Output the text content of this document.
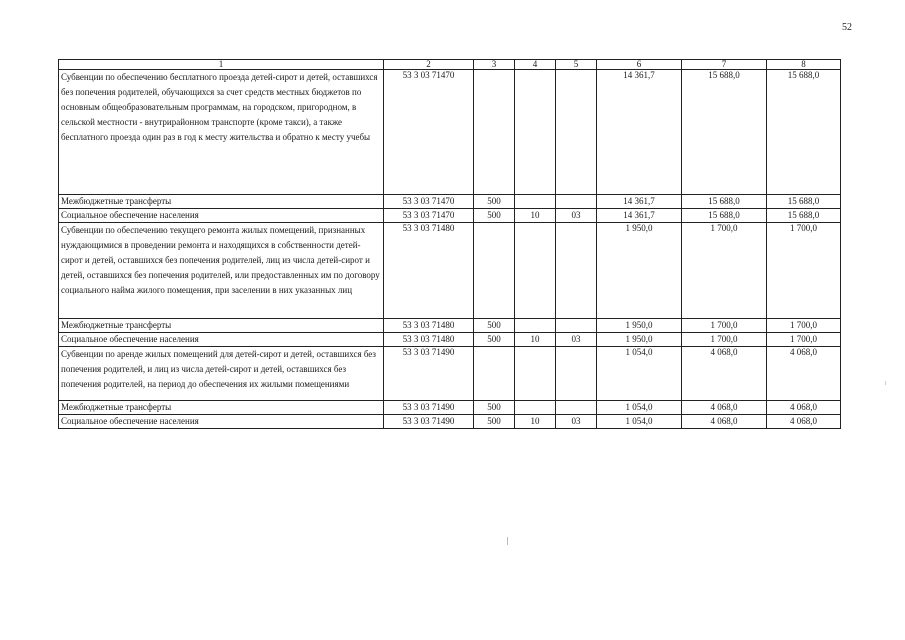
52
1	2	3	4	5	6	7	8
Субвенции по обеспечению бесплатного проезда детей-сирот и детей, оставшихся без попечения родителей, обучающихся за счет средств местных бюджетов по основным общеобразовательным программам, на городском, пригородном, в сельской местности - внутрирайонном транспорте (кроме такси), а также бесплатного проезда один раз в год к месту жительства и обратно к месту учебы	53 3 03 71470				14 361,7	15 688,0	15 688,0
Межбюджетные трансферты	53 3 03 71470	500			14 361,7	15 688,0	15 688,0
Социальное обеспечение населения	53 3 03 71470	500	10	03	14 361,7	15 688,0	15 688,0
Субвенции по обеспечению текущего ремонта жилых помещений, признанных нуждающимися в проведении ремонта и находящихся в собственности детей-сирот и детей, оставшихся без попечения родителей, лиц из числа детей-сирот и детей, оставшихся без попечения родителей, или предоставленных им по договору социального найма жилого помещения, при заселении в них указанных лиц	53 3 03 71480				1 950,0	1 700,0	1 700,0
Межбюджетные трансферты	53 3 03 71480	500			1 950,0	1 700,0	1 700,0
Социальное обеспечение населения	53 3 03 71480	500	10	03	1 950,0	1 700,0	1 700,0
Субвенции по аренде жилых помещений для детей-сирот и детей, оставшихся без попечения родителей, и лиц из числа детей-сирот и детей, оставшихся без попечения родителей, на период до обеспечения их жилыми помещениями	53 3 03 71490				1 054,0	4 068,0	4 068,0
Межбюджетные трансферты	53 3 03 71490	500			1 054,0	4 068,0	4 068,0
Социальное обеспечение населения	53 3 03 71490	500	10	03	1 054,0	4 068,0	4 068,0
